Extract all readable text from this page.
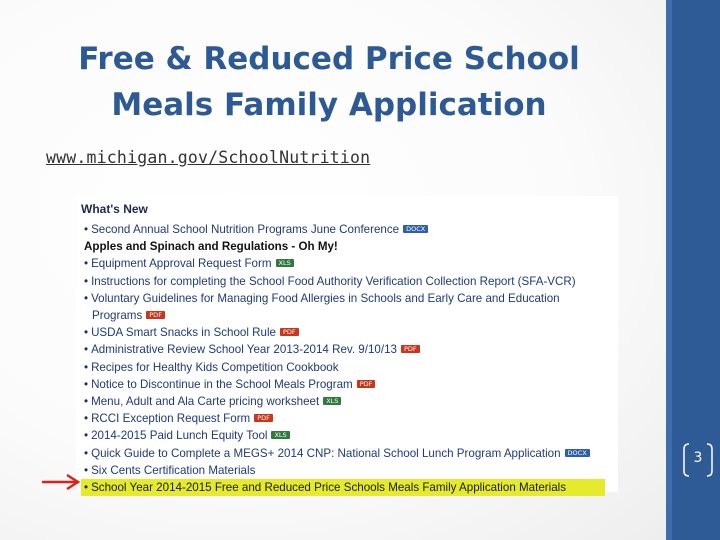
Free & Reduced Price School
Meals Family Application
www.michigan.gov/SchoolNutrition
What's New
• Second Annual School Nutrition Programs June Conference DOCX
Apples and Spinach and Regulations - Oh My!
• Equipment Approval Request Form XLS
• Instructions for completing the School Food Authority Verification Collection Report (SFA-VCR) DOC
• Voluntary Guidelines for Managing Food Allergies in Schools and Early Care and Education
Programs PDF
• USDA Smart Snacks in School Rule PDF
• Administrative Review School Year 2013-2014 Rev. 9/10/13 PDF
• Recipes for Healthy Kids Competition Cookbook
• Notice to Discontinue in the School Meals Program PDF
• Menu, Adult and Ala Carte pricing worksheet XLS
• RCCI Exception Request Form PDF
• 2014-2015 Paid Lunch Equity Tool XLS
• Quick Guide to Complete a MEGS+ 2014 CNP: National School Lunch Program Application DOCX
• Six Cents Certification Materials
• School Year 2014-2015 Free and Reduced Price Schools Meals Family Application Materials
3
